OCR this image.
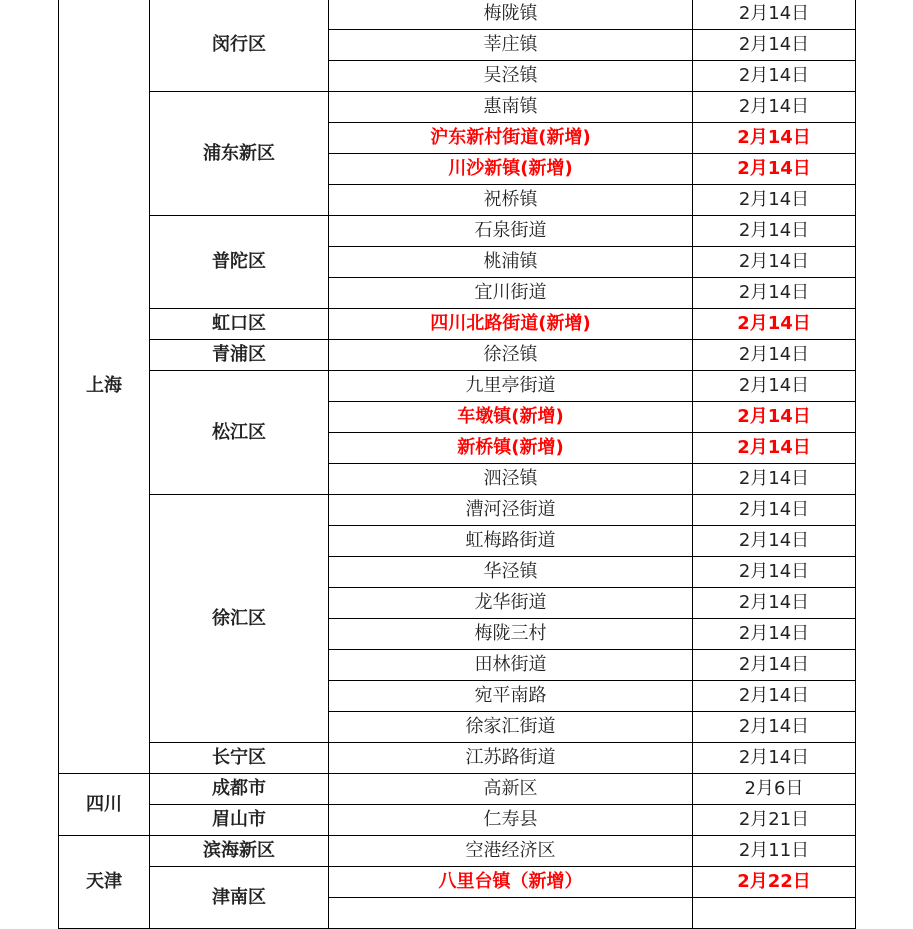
上海	闵行区	梅陇镇	2月14日
		莘庄镇	2月14日
		吴泾镇	2月14日
	浦东新区	惠南镇	2月14日
		沪东新村街道(新增)	2月14日
		川沙新镇(新增)	2月14日
		祝桥镇	2月14日
	普陀区	石泉街道	2月14日
		桃浦镇	2月14日
		宜川街道	2月14日
	虹口区	四川北路街道(新增)	2月14日
	青浦区	徐泾镇	2月14日
	松江区	九里亭街道	2月14日
		车墩镇(新增)	2月14日
		新桥镇(新增)	2月14日
		泗泾镇	2月14日
	徐汇区	漕河泾街道	2月14日
		虹梅路街道	2月14日
		华泾镇	2月14日
		龙华街道	2月14日
		梅陇三村	2月14日
		田林街道	2月14日
		宛平南路	2月14日
		徐家汇街道	2月14日
	长宁区	江苏路街道	2月14日
四川	成都市	高新区	2月6日
	眉山市	仁寿县	2月21日
天津	滨海新区	空港经济区	2月11日
	津南区	八里台镇（新增）	2月22日
